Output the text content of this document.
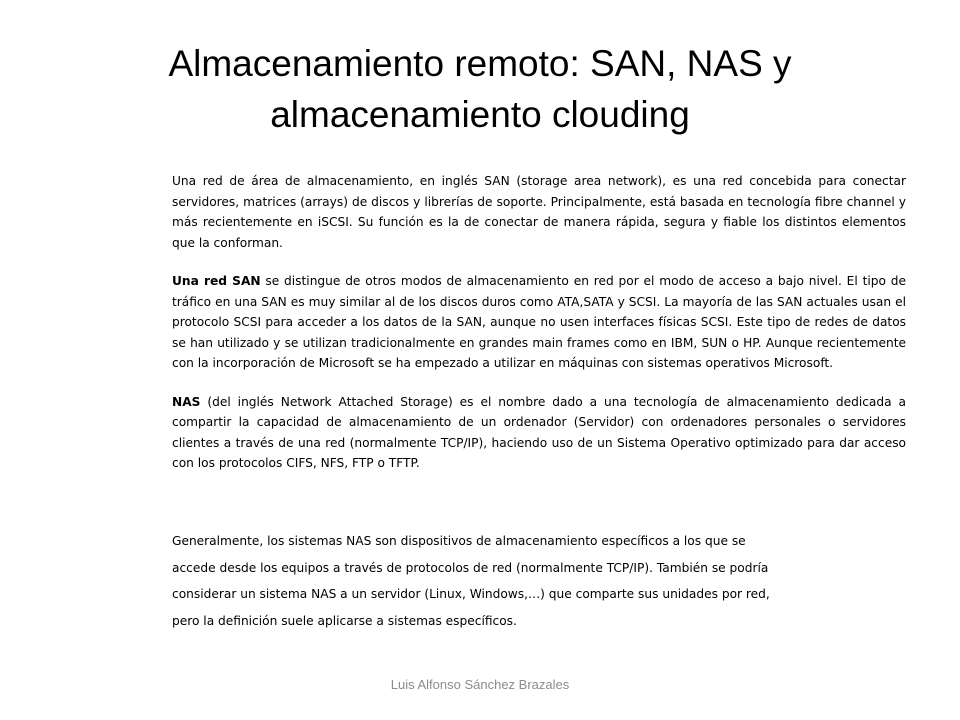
Almacenamiento remoto: SAN, NAS y
almacenamiento clouding

Una red de área de almacenamiento, en inglés SAN (storage area network), es una red concebida para conectar servidores, matrices (arrays) de discos y librerías de soporte. Principalmente, está basada en tecnología fibre channel y más recientemente en iSCSI. Su función es la de conectar de manera rápida, segura y fiable los distintos elementos que la conforman.

Una red SAN se distingue de otros modos de almacenamiento en red por el modo de acceso a bajo nivel. El tipo de tráfico en una SAN es muy similar al de los discos duros como ATA,SATA y SCSI. La mayoría de las SAN actuales usan el protocolo SCSI para acceder a los datos de la SAN, aunque no usen interfaces físicas SCSI. Este tipo de redes de datos se han utilizado y se utilizan tradicionalmente en grandes main frames como en IBM, SUN o HP. Aunque recientemente con la incorporación de Microsoft se ha empezado a utilizar en máquinas con sistemas operativos Microsoft.

NAS (del inglés Network Attached Storage) es el nombre dado a una tecnología de almacenamiento dedicada a compartir la capacidad de almacenamiento de un ordenador (Servidor) con ordenadores personales o servidores clientes a través de una red (normalmente TCP/IP), haciendo uso de un Sistema Operativo optimizado para dar acceso con los protocolos CIFS, NFS, FTP o TFTP.

Generalmente, los sistemas NAS son dispositivos de almacenamiento específicos a los que se
accede desde los equipos a través de protocolos de red (normalmente TCP/IP). También se podría
considerar un sistema NAS a un servidor (Linux, Windows,…) que comparte sus unidades por red,
pero la definición suele aplicarse a sistemas específicos.
Luis Alfonso Sánchez Brazales
